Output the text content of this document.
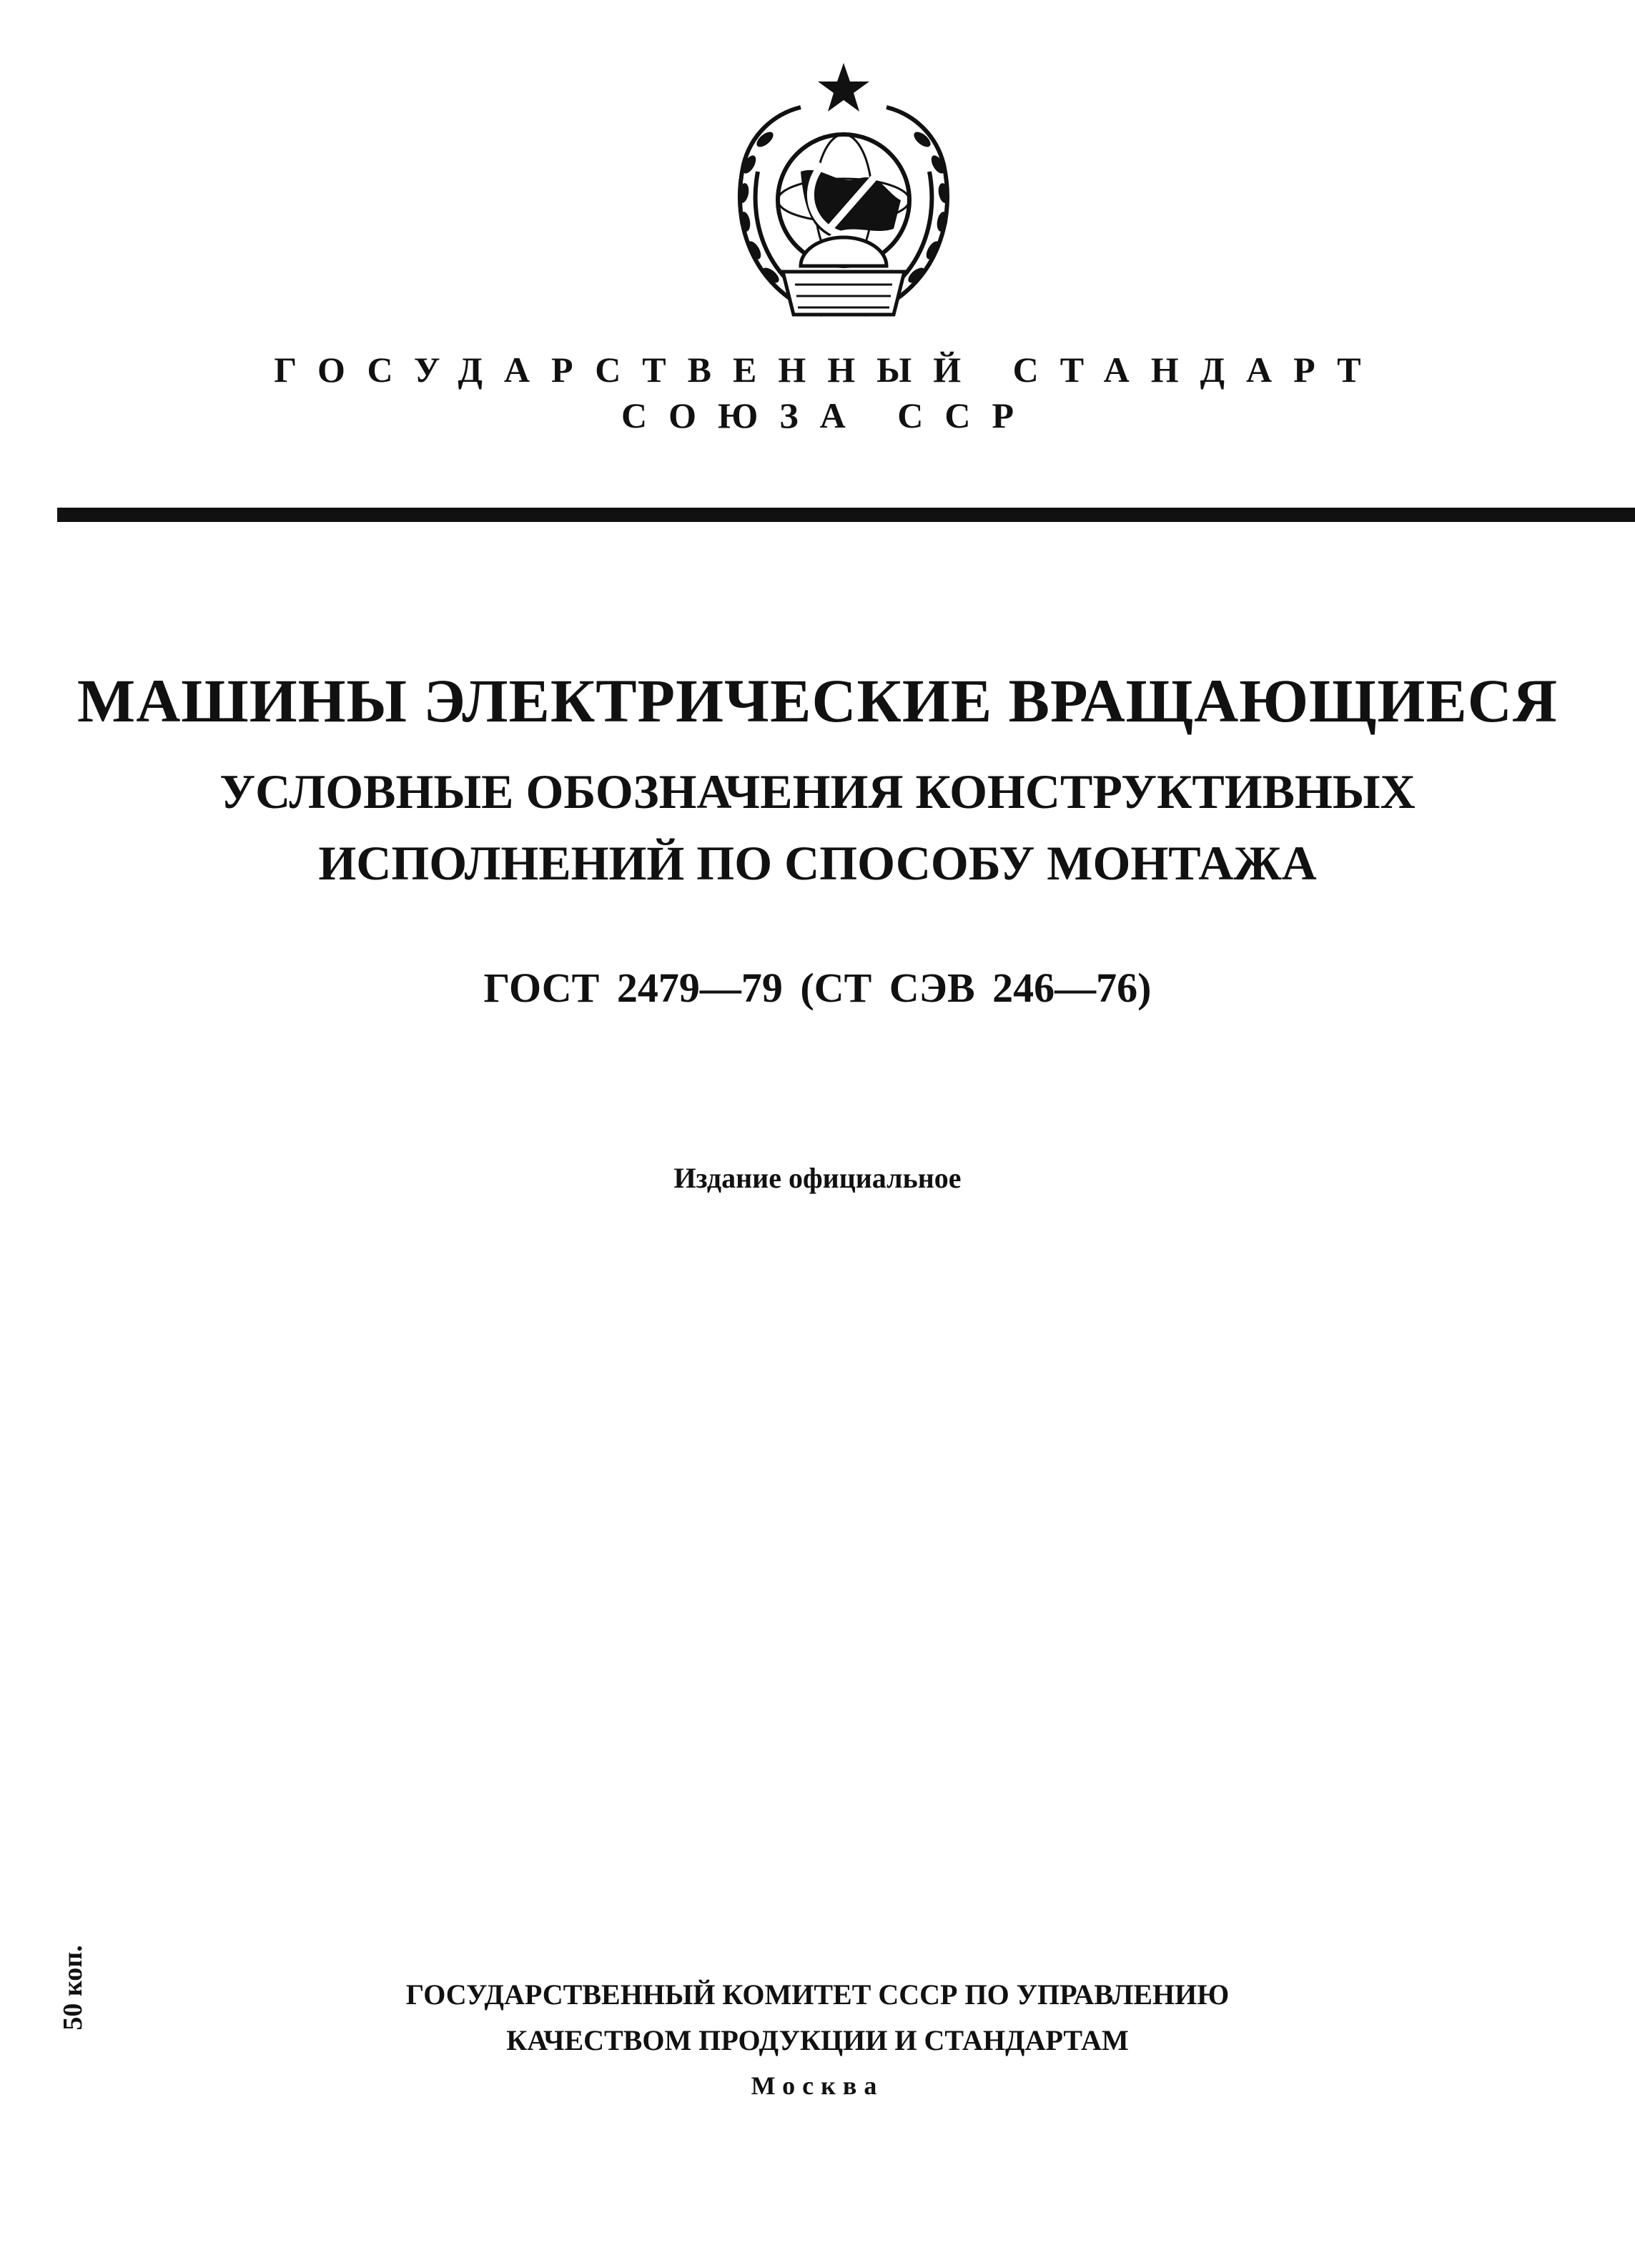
ГОСУДАРСТВЕННЫЙ СТАНДАРТ
СОЮЗА ССР
МАШИНЫ ЭЛЕКТРИЧЕСКИЕ ВРАЩАЮЩИЕСЯ
УСЛОВНЫЕ ОБОЗНАЧЕНИЯ КОНСТРУКТИВНЫХ
ИСПОЛНЕНИЙ ПО СПОСОБУ МОНТАЖА
ГОСТ 2479—79 (СТ СЭВ 246—76)
Издание официальное
50 коп.	ГОСУДАРСТВЕННЫЙ КОМИТЕТ СССР ПО УПРАВЛЕНИЮ
КАЧЕСТВОМ ПРОДУКЦИИ И СТАНДАРТАМ
Москва
